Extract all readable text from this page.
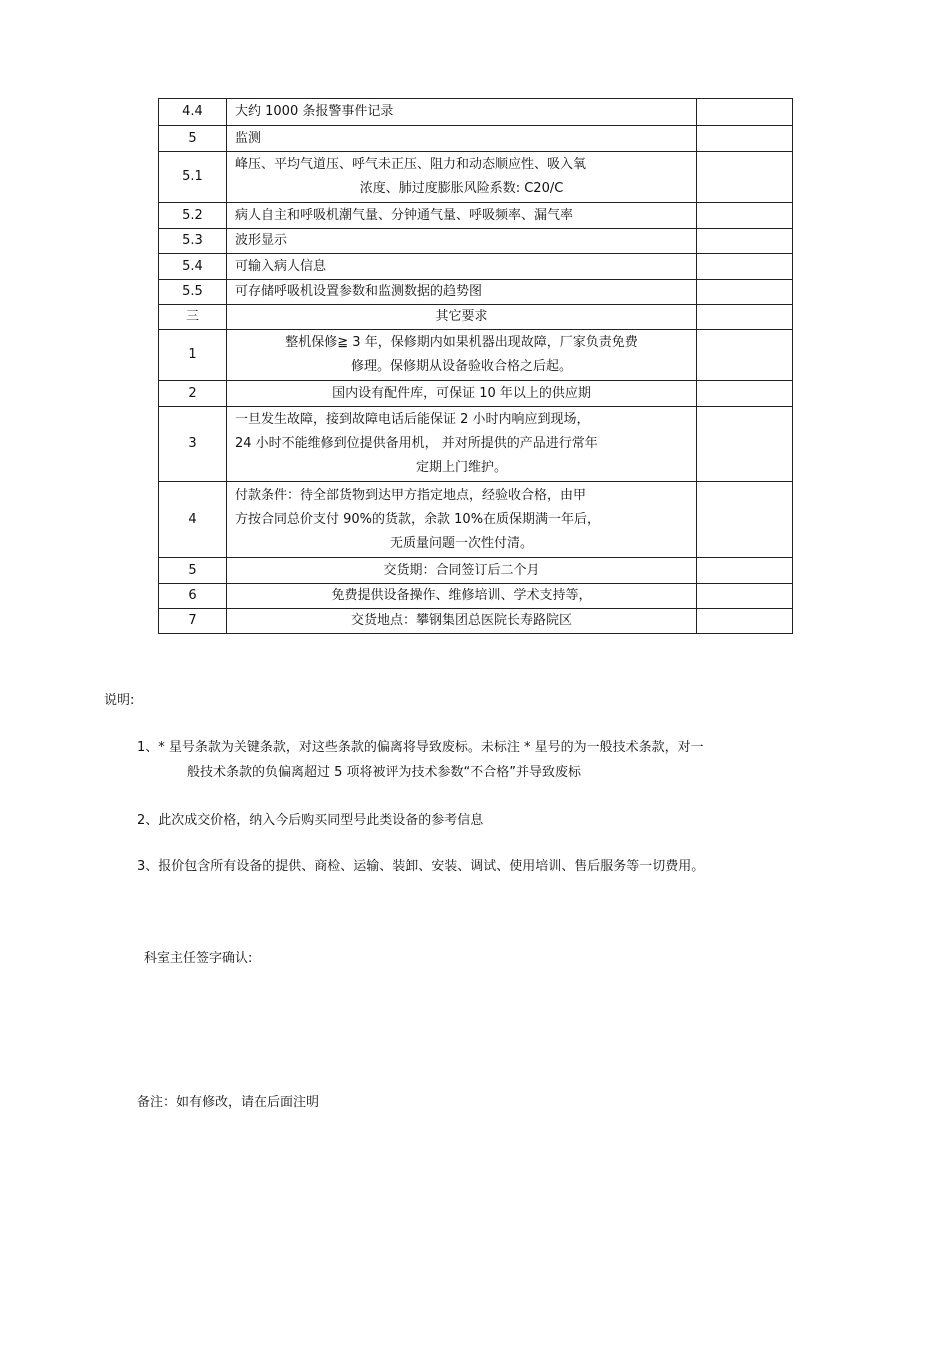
4.4	大约 1000 条报警事件记录	

5	监测	

5.1	峰压、平均气道压、呼气未正压、阻力和动态顺应性、吸入氧
浓度、肺过度膨胀风险系数: C20/C	

5.2	病人自主和呼吸机潮气量、分钟通气量、呼吸频率、漏气率	

5.3	波形显示	

5.4	可输入病人信息	

5.5	可存储呼吸机设置参数和监测数据的趋势图	

三	其它要求	

1	整机保修≧ 3 年，保修期内如果机器出现故障，厂家负责免费
修理。保修期从设备验收合格之后起。	

2	国内设有配件库，可保证 10 年以上的供应期	

3	一旦发生故障，接到故障电话后能保证 2 小时内响应到现场，
24 小时不能维修到位提供备用机， 并对所提供的产品进行常年
定期上门维护。	

4	付款条件：待全部货物到达甲方指定地点，经验收合格，由甲
方按合同总价支付 90%的货款，余款 10%在质保期满一年后，
无质量问题一次性付清。	

5	交货期：合同签订后二个月	

6	免费提供设备操作、维修培训、学术支持等，	

7	交货地点：攀钢集团总医院长寿路院区	

说明:
1、* 星号条款为关键条款，对这些条款的偏离将导致废标。未标注 * 星号的为一般技术条款，对一
般技术条款的负偏离超过 5 项将被评为技术参数“不合格”并导致废标
2、此次成交价格，纳入今后购买同型号此类设备的参考信息
3、报价包含所有设备的提供、商检、运输、装卸、安装、调试、使用培训、售后服务等一切费用。
科室主任签字确认:
备注：如有修改，请在后面注明
